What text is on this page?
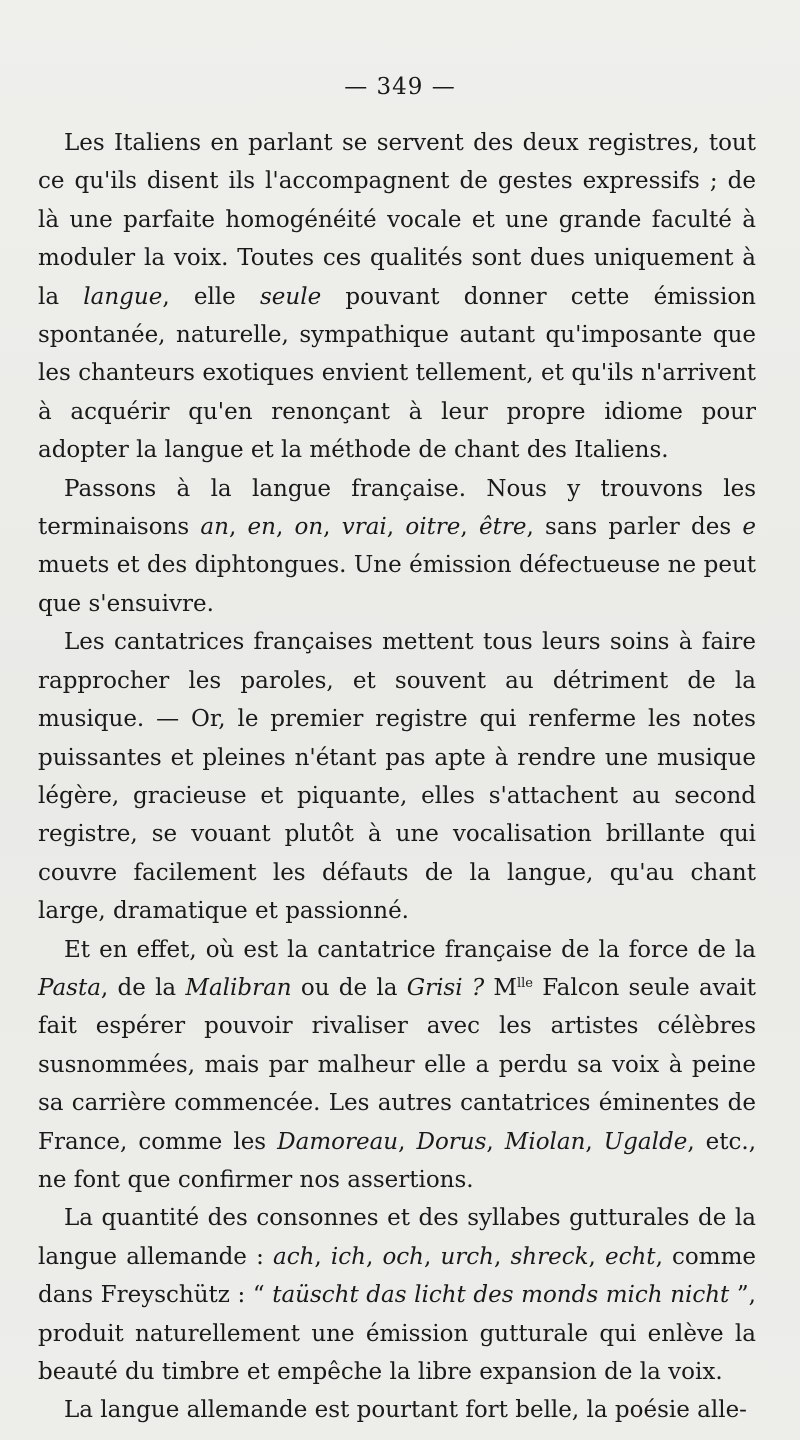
— 349 —

Les Italiens en parlant se servent des deux registres, tout ce qu'ils disent ils l'accompagnent de gestes expressifs ; de là une parfaite homogénéité vocale et une grande faculté à moduler la voix. Toutes ces qualités sont dues uniquement à la langue, elle seule pouvant donner cette émission spontanée, naturelle, sympathique autant qu'imposante que les chanteurs exotiques envient tellement, et qu'ils n'arrivent à acquérir qu'en renonçant à leur propre idiome pour adopter la langue et la méthode de chant des Italiens.

Passons à la langue française. Nous y trouvons les terminaisons an, en, on, vrai, oitre, être, sans parler des e muets et des diphtongues. Une émission défectueuse ne peut que s'ensuivre.

Les cantatrices françaises mettent tous leurs soins à faire rapprocher les paroles, et souvent au détriment de la musique. — Or, le premier registre qui renferme les notes puissantes et pleines n'étant pas apte à rendre une musique légère, gracieuse et piquante, elles s'attachent au second registre, se vouant plutôt à une vocalisation brillante qui couvre facilement les défauts de la langue, qu'au chant large, dramatique et passionné.

Et en effet, où est la cantatrice française de la force de la Pasta, de la Malibran ou de la Grisi ? $M^{lle}$ Falcon seule avait fait espérer pouvoir rivaliser avec les artistes célèbres susnommées, mais par malheur elle a perdu sa voix à peine sa carrière commencée. Les autres cantatrices éminentes de France, comme les Damoreau, Dorus, Miolan, Ugalde, etc., ne font que confirmer nos assertions.

La quantité des consonnes et des syllabes gutturales de la langue allemande : ach, ich, och, urch, shreck, echt, comme dans Freyschütz : “ taüscht das licht des monds mich nicht ”, produit naturellement une émission gutturale qui enlève la beauté du timbre et empêche la libre expansion de la voix.

La langue allemande est pourtant fort belle, la poésie alle-
